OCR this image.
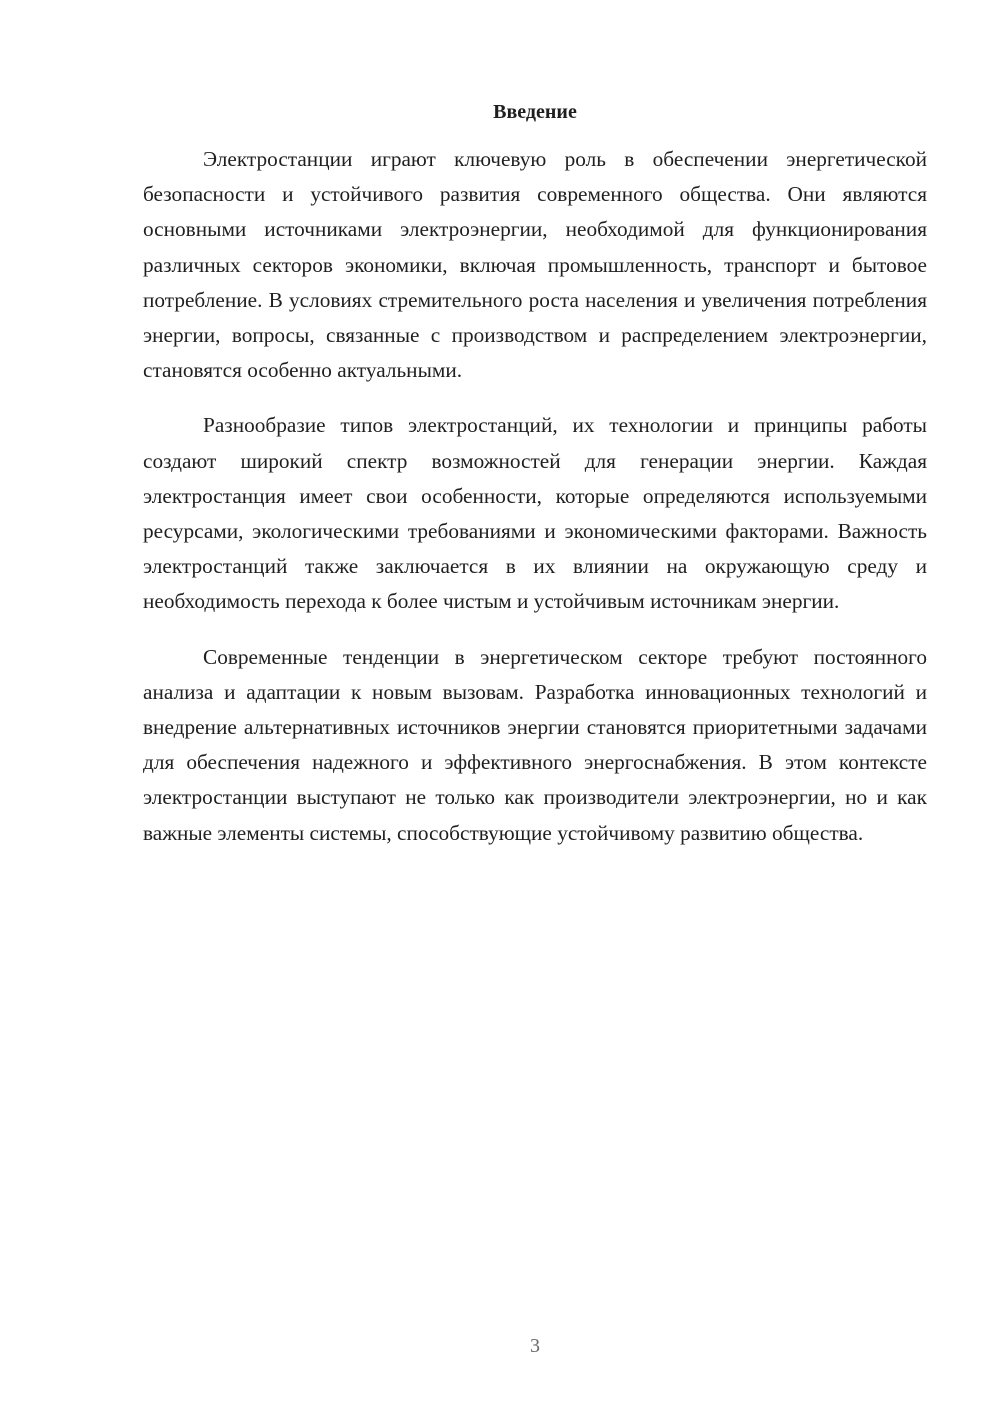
Введение

Электростанции играют ключевую роль в обеспечении энергетической безопасности и устойчивого развития современного общества. Они являются основными источниками электроэнергии, необходимой для функционирования различных секторов экономики, включая промышленность, транспорт и бытовое потребление. В условиях стремительного роста населения и увеличения потребления энергии, вопросы, связанные с производством и распределением электроэнергии, становятся особенно актуальными.

Разнообразие типов электростанций, их технологии и принципы работы создают широкий спектр возможностей для генерации энергии. Каждая электростанция имеет свои особенности, которые определяются используемыми ресурсами, экологическими требованиями и экономическими факторами. Важность электростанций также заключается в их влиянии на окружающую среду и необходимость перехода к более чистым и устойчивым источникам энергии.

Современные тенденции в энергетическом секторе требуют постоянного анализа и адаптации к новым вызовам. Разработка инновационных технологий и внедрение альтернативных источников энергии становятся приоритетными задачами для обеспечения надежного и эффективного энергоснабжения. В этом контексте электростанции выступают не только как производители электроэнергии, но и как важные элементы системы, способствующие устойчивому развитию общества.

3
